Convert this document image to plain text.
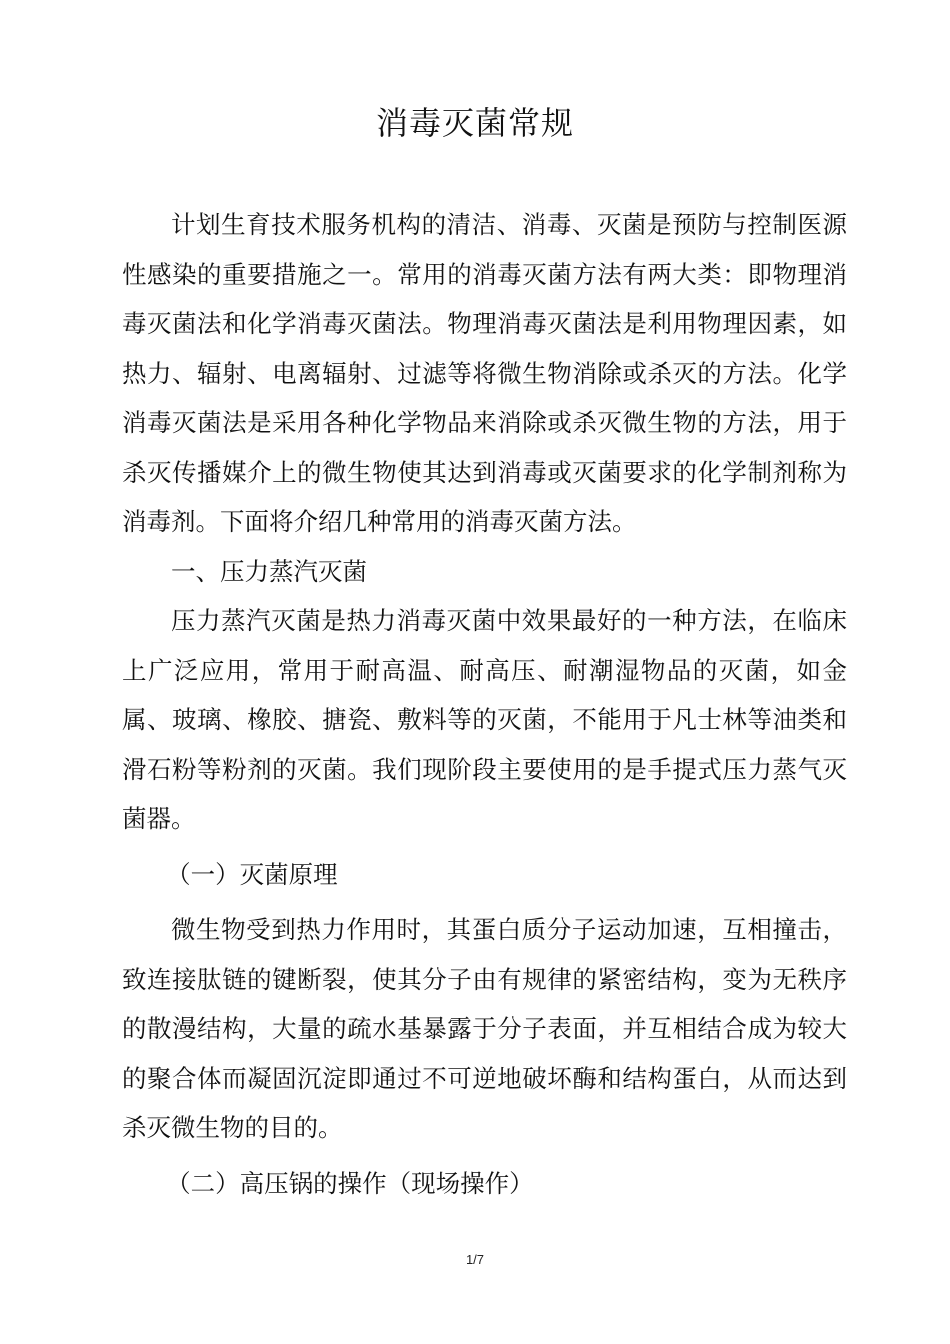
消毒灭菌常规

计划生育技术服务机构的清洁、消毒、灭菌是预防与控制医源性感染的重要措施之一。常用的消毒灭菌方法有两大类：即物理消毒灭菌法和化学消毒灭菌法。物理消毒灭菌法是利用物理因素，如热力、辐射、电离辐射、过滤等将微生物消除或杀灭的方法。化学消毒灭菌法是采用各种化学物品来消除或杀灭微生物的方法，用于杀灭传播媒介上的微生物使其达到消毒或灭菌要求的化学制剂称为消毒剂。下面将介绍几种常用的消毒灭菌方法。

一、压力蒸汽灭菌

压力蒸汽灭菌是热力消毒灭菌中效果最好的一种方法，在临床上广泛应用，常用于耐高温、耐高压、耐潮湿物品的灭菌，如金属、玻璃、橡胶、搪瓷、敷料等的灭菌，不能用于凡士林等油类和滑石粉等粉剂的灭菌。我们现阶段主要使用的是手提式压力蒸气灭菌器。

（一）灭菌原理

微生物受到热力作用时，其蛋白质分子运动加速，互相撞击，致连接肽链的键断裂，使其分子由有规律的紧密结构，变为无秩序的散漫结构，大量的疏水基暴露于分子表面，并互相结合成为较大的聚合体而凝固沉淀即通过不可逆地破坏酶和结构蛋白，从而达到杀灭微生物的目的。

（二）高压锅的操作（现场操作）

1/7
